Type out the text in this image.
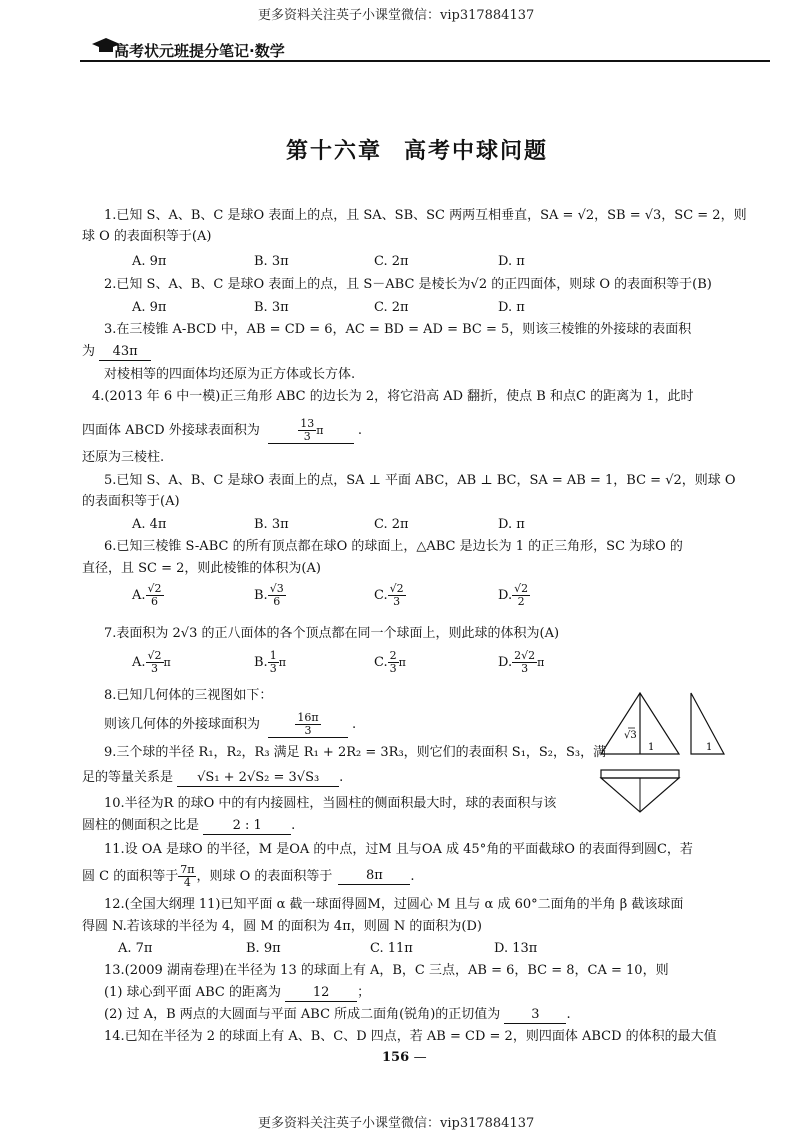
更多资料关注英子小课堂微信：vip317884137
高考状元班提分笔记·数学
第十六章 高考中球问题
1.已知 S、A、B、C 是球O 表面上的点，且 SA、SB、SC 两两互相垂直，SA = √2，SB = √3，SC = 2，则
球 O 的表面积等于(A)
A. 9π	B. 3π	C. 2π	D. π
2.已知 S、A、B、C 是球O 表面上的点，且 S－ABC 是棱长为√2 的正四面体，则球 O 的表面积等于(B)
A. 9π	B. 3π	C. 2π	D. π
3.在三棱锥 A-BCD 中，AB = CD = 6，AC = BD = AD = BC = 5，则该三棱锥的外接球的表面积
为 43π
对棱相等的四面体均还原为正方体或长方体.
4.(2013 年 6 中一模)正三角形 ABC 的边长为 2，将它沿高 AD 翻折，使点 B 和点C 的距离为 1，此时
四面体 ABCD 外接球表面积为	$\frac{13}{3}$ π	.
还原为三棱柱.
5.已知 S、A、B、C 是球O 表面上的点，SA ⊥ 平面 ABC，AB ⊥ BC，SA = AB = 1，BC = √2，则球 O
的表面积等于(A)
A. 4π	B. 3π	C. 2π	D. π
6.已知三棱锥 S-ABC 的所有顶点都在球O 的球面上，△ABC 是边长为 1 的正三角形，SC 为球O 的
直径，且 SC = 2，则此棱锥的体积为(A)
A. $\frac{√2}{6}$	B. $\frac{√3}{6}$	C. $\frac{√2}{3}$	D. $\frac{√2}{2}$
7.表面积为 2√3 的正八面体的各个顶点都在同一个球面上，则此球的体积为(A)
A. $\frac{√2}{3}$ π	B. $\frac{1}{3}$ π	C. $\frac{2}{3}$ π	D. $\frac{2√2}{3}$ π
8.已知几何体的三视图如下：
则该几何体的外接球面积为	$\frac{16\pi}{3}$ .
9.三个球的半径 R₁，R₂，R₃ 满足 R₁ + 2R₂ = 3R₃，则它们的表面积 S₁，S₂，S₃，满
足的等量关系是 √S₁ + 2√S₂ = 3√S₃ .
10.半径为R 的球O 中的有内接圆柱，当圆柱的侧面积最大时，球的表面积与该
圆柱的侧面积之比是	2 : 1 .
11.设 OA 是球O 的半径，M 是OA 的中点，过M 且与OA 成 45°角的平面截球O 的表面得到圆C，若
圆 C 的面积等于 $\frac{7\pi}{4}$ ，则球 O 的表面积等于	8π	.
12.(全国大纲理 11)已知平面 α 截一球面得圆M，过圆心 M 且与 α 成 60°二面角的半角 β 截该球面
得圆 N.若该球的半径为 4，圆 M 的面积为 4π，则圆 N 的面积为(D)
A. 7π	B. 9π	C. 11π	D. 13π
13.(2009 湖南卷理)在半径为 13 的球面上有 A，B，C 三点，AB = 6，BC = 8，CA = 10，则
(1) 球心到平面 ABC 的距离为 12 ；
(2) 过 A，B 两点的大圆面与平面 ABC 所成二面角(锐角)的正切值为 3 .
14.已知在半径为 2 的球面上有 A、B、C、D 四点，若 AB = CD = 2，则四面体 ABCD 的体积的最大值
√3
1	1
156 —
更多资料关注英子小课堂微信：vip317884137
